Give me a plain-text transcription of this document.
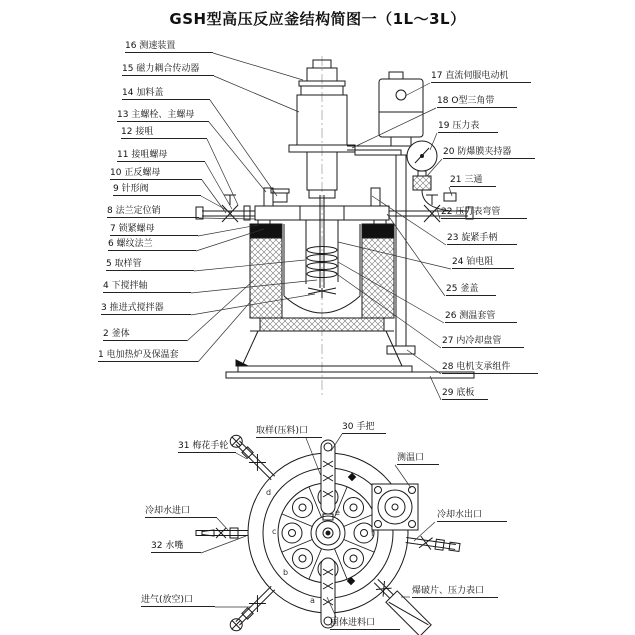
GSH型高压反应釜结构简图一（1L～3L）
16 测速装置
15 磁力耦合传动器
14 加料盖
13 主螺栓、主螺母
12 接咀
11 接咀螺母
10 正反螺母
9 针形阀
8 法兰定位销
7 锁紧螺母
6 螺纹法兰
5 取样管
4 下搅拌轴
3 推进式搅拌器
2 釜体
1 电加热炉及保温套
17 直流伺服电动机
18 O型三角带
19 压力表
20 防爆膜夹持器
21 三通
22 压力表弯管
23 旋紧手柄
24 铂电阻
25 釜盖
26 测温套管
27 内冷却盘管
28 电机支承组件
29 底板
31 梅花手轮
取样(压料)口	30 手把
测温口
冷却水进口	冷却水出口
32 水嘴
进气(放空)口
固体进料口
爆破片、压力表口
a
b
c
d
e
f
